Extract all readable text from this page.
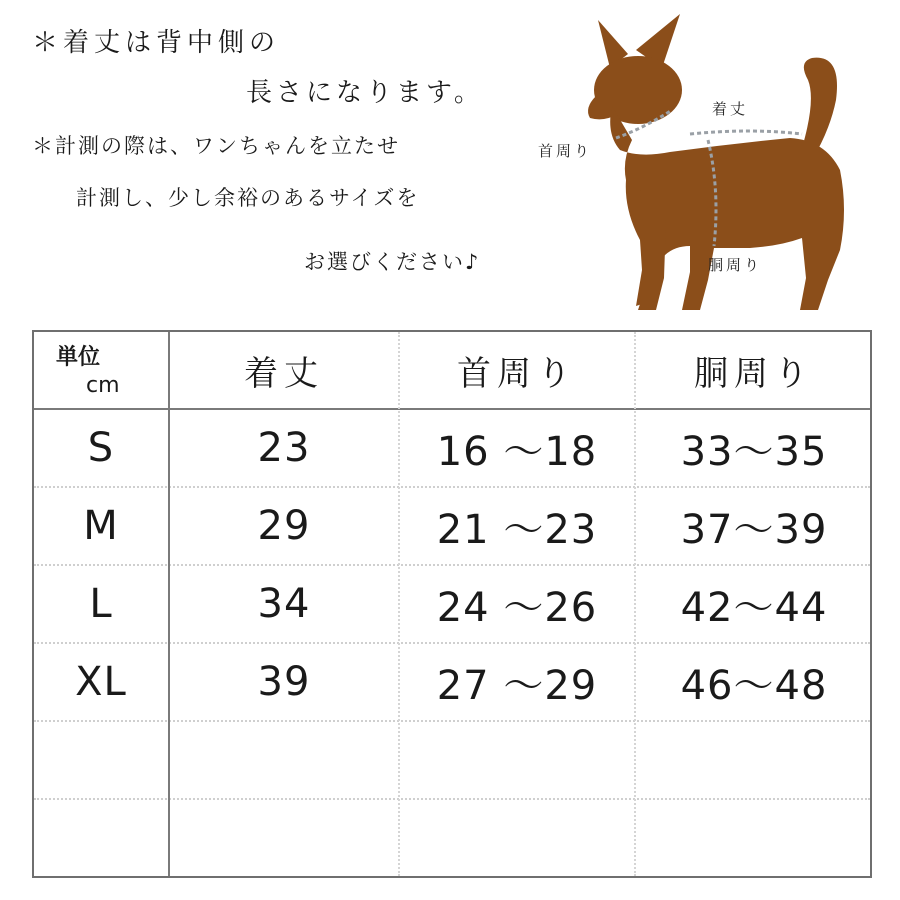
＊着丈は背中側の
長さになります。
＊計測の際は、ワンちゃんを立たせ
計測し、少し余裕のあるサイズを
お選びください♪
着丈
首周り
胴周り
単位
cm	着丈	首周り	胴周り
S	23	16 ～18	33～35
M	29	21 ～23	37～39
L	34	24 ～26	42～44
XL	39	27 ～29	46～48
